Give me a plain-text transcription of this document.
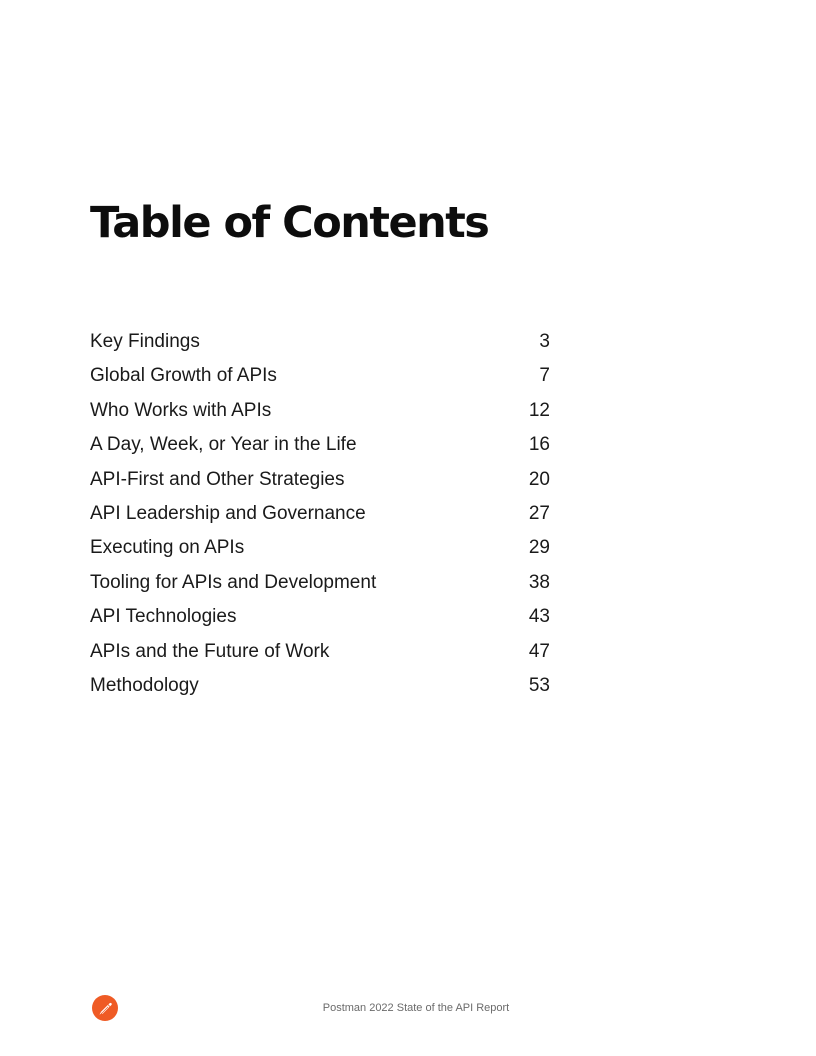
Table of Contents
Key Findings	3
Global Growth of APIs	7
Who Works with APIs	12
A Day, Week, or Year in the Life	16
API-First and Other Strategies	20
API Leadership and Governance	27
Executing on APIs	29
Tooling for APIs and Development	38
API Technologies	43
APIs and the Future of Work	47
Methodology	53
Postman 2022 State of the API Report
